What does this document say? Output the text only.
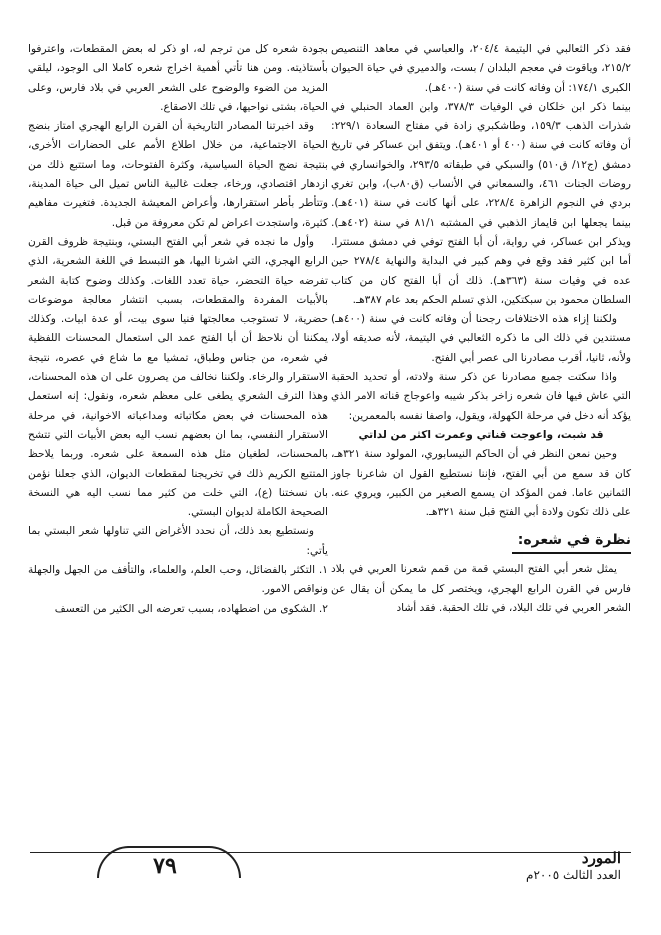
فقد ذكر الثعالبي في اليتيمة ٢٠٤/٤، والعباسي في معاهد التنصيص ٢١٥/٢، وياقوت في معجم البلدان / بست، والدميري في حياة الحيوان الكبرى ١٧٤/١: أن وفاته كانت في سنة (٤٠٠هـ).

بينما ذكر ابن خلكان في الوفيات ٣٧٨/٣، وابن العماد الحنبلي في شذرات الذهب ١٥٩/٣، وطاشكبري زادة في مفتاح السعادة ٢٢٩/١: أن وفاته كانت في سنة (٤٠٠ أو ٤٠١هـ). ويتفق ابن عساكر في تاريخ دمشق (ج١٢/ ق٥١٠) والسبكي في طبقاته ٢٩٣/٥، والخوانساري في روضات الجنات ٤٦١، والسمعاني في الأنساب (ق٨٠ب)، وابن تغري بردي في النجوم الزاهرة ٢٢٨/٤، على أنها كانت في سنة (٤٠١هـ). بينما يجعلها ابن قايماز الذهبي في المشتبه ٨١/١ في سنة (٤٠٢هـ). ويذكر ابن عساكر، في رواية، أن أبا الفتح توفي في دمشق مستترا. أما ابن كثير فقد وقع في وهم كبير في البداية والنهاية ٢٧٨/٤ حين عده في وفيات سنة (٣٦٣هـ). ذلك أن أبا الفتح كان من كتاب السلطان محمود بن سبكتكين، الذي تسلم الحكم بعد عام ٣٨٧هـ.

ولكننا إزاء هذه الاختلافات رجحنا أن وفاته كانت في سنة (٤٠٠هـ) مستندين في ذلك الى ما ذكره الثعالبي في اليتيمة، لأنه صديقه أولا، ولأنه، ثانيا، أقرب مصادرنا الى عصر أبي الفتح.

واذا سكتت جميع مصادرنا عن ذكر سنة ولادته، أو تحديد الحقبة التي عاش فيها فان شعره زاخر بذكر شيبه واعوجاج قناته الامر الذي يؤكد أنه دخل في مرحلة الكهولة، ويقول، واصفا نفسه بالمعمرين:

قد شبت، واعوجت قناتي وعمرت اكثر من لداتي

وحين نمعن النظر في أن الحاكم النيسابوري، المولود سنة ٣٢١هـ، كان قد سمع من أبي الفتح، فإننا نستطيع القول ان شاعرنا جاوز الثمانين عاما. فمن المؤكد ان يسمع الصغير من الكبير، ويروي عنه. على ذلك تكون ولادة أبي الفتح قبل سنة ٣٢١هـ.

نظرة في شعره:

يمثل شعر أبي الفتح البستي قمة من قمم شعرنا العربي في بلاد فارس في القرن الرابع الهجري، ويختصر كل ما يمكن أن يقال عن الشعر العربي في تلك البلاد، في تلك الحقبة. فقد أشاد

بجودة شعره كل من ترجم له، او ذكر له بعض المقطعات، واعترفوا بأستاذيته. ومن هنا تأتي أهمية اخراج شعره كاملا الى الوجود، ليلقي المزيد من الضوء والوضوح على الشعر العربي في بلاد فارس، وعلى الحياة، بشتى نواحيها، في تلك الاصقاع.

وقد اخبرتنا المصادر التاريخية أن القرن الرابع الهجري امتاز بنضج الحياة الاجتماعية، من خلال اطلاع الأمم على الحضارات الأخرى، بنتيجة نضج الحياة السياسية، وكثرة الفتوحات، وما استتبع ذلك من ازدهار اقتصادي، ورخاء، جعلت غالبية الناس تميل الى حياة المدينة، وتتأطر بأطر استقرارها، وأعراض المعيشة الجديدة. فتغيرت مفاهيم كثيرة، واستجدت اعراض لم تكن معروفة من قبل.

وأول ما نجده في شعر أبي الفتح البستي، وبنتيجة ظروف القرن الرابع الهجري، التي اشرنا اليها، هو التبسط في اللغة الشعرية، الذي تفرضه حياة التحضر، حياة تعدد اللغات. وكذلك وضوح كتابة الشعر بالأبيات المفردة والمقطعات، بسبب انتشار معالجة موضوعات حضرية، لا تستوجب معالجتها فنيا سوى بيت، أو عدة ابيات. وكذلك يمكننا أن نلاحظ أن أبا الفتح عمد الى استعمال المحسنات اللفظية في شعره، من جناس وطباق، تمشيا مع ما شاع في عصره، نتيجة الاستقرار والرخاء. ولكننا نخالف من يصرون على ان هذه المحسنات، وهذا الترف الشعري يطغى على معظم شعره، ونقول: إنه استعمل هذه المحسنات في بعض مكاتباته ومداعباته الاخوانية، في مرحلة الاستقرار النفسي، بما ان بعضهم نسب اليه بعض الأبيات التي تتشح بالمحسنات، لطغيان مثل هذه السمعة على شعره. وربما يلاحظ المتتبع الكريم ذلك في تخريجنا لمقطعات الديوان، الذي جعلنا نؤمن بان نسختنا (ع)، التي خلت من كثير مما نسب اليه هي النسخة الصحيحة الكاملة لديوان البستي.

ونستطيع بعد ذلك، أن نحدد الأغراض التي تناولها شعر البستي بما يأتي:

١. التكثر بالفضائل، وحب العلم، والعلماء، والتأفف من الجهل والجهلة ونواقص الامور.

٢. الشكوى من اضطهاده، بسبب تعرضه الى الكثير من التعسف

٧٩	المورد
العدد الثالث ٢٠٠٥م
